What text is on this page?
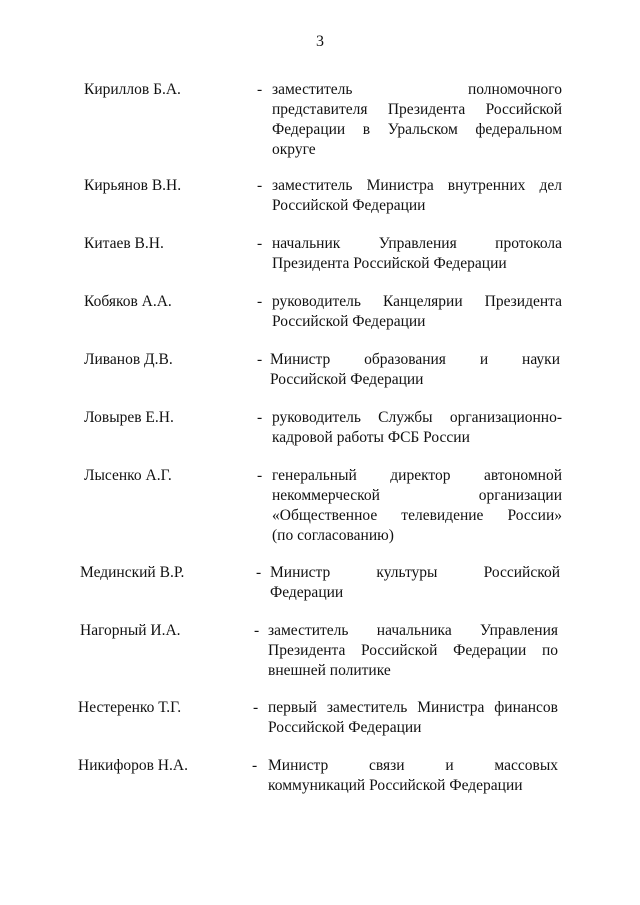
3
Кириллов Б.А.	- заместитель полномочного
представителя Президента Российской
Федерации в Уральском федеральном
округе
Кирьянов В.Н.	- заместитель Министра внутренних дел
Российской Федерации
Китаев В.Н.	- начальник Управления протокола
Президента Российской Федерации
Кобяков А.А.	- руководитель Канцелярии Президента
Российской Федерации
Ливанов Д.В.	- Министр образования и науки
Российской Федерации
Ловырев Е.Н.	- руководитель Службы организационно-
кадровой работы ФСБ России
Лысенко А.Г.	- генеральный директор автономной
некоммерческой организации
«Общественное телевидение России»
(по согласованию)
Мединский В.Р.	- Министр культуры Российской
Федерации
Нагорный И.А.	- заместитель начальника Управления
Президента Российской Федерации по
внешней политике
Нестеренко Т.Г.	- первый заместитель Министра финансов
Российской Федерации
Никифоров Н.А.	- Министр связи и массовых
коммуникаций Российской Федерации
